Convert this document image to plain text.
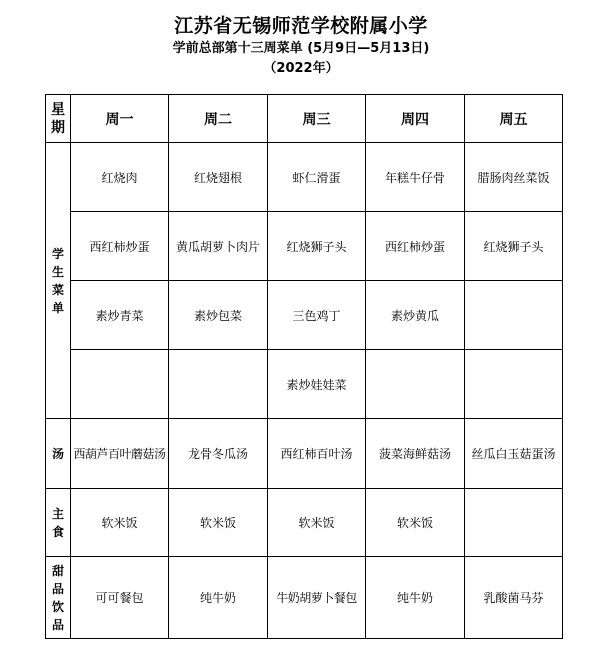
江苏省无锡师范学校附属小学
学前总部第十三周菜单 (5月9日—5月13日)
（2022年）
星
期	周一	周二	周三	周四	周五

学
生
菜
单	红烧肉	红烧翅根	虾仁滑蛋	年糕牛仔骨	腊肠肉丝菜饭
	西红柿炒蛋	黄瓜胡萝卜肉片	红烧狮子头	西红柿炒蛋	红烧狮子头
	素炒青菜	素炒包菜	三色鸡丁	素炒黄瓜	
			素炒娃娃菜		
汤	西葫芦百叶蘑菇汤	龙骨冬瓜汤	西红柿百叶汤	菠菜海鲜菇汤	丝瓜白玉菇蛋汤

主
食	软米饭	软米饭	软米饭	软米饭	

甜
品
饮
品	可可餐包	纯牛奶	牛奶胡萝卜餐包	纯牛奶	乳酸菌马芬
